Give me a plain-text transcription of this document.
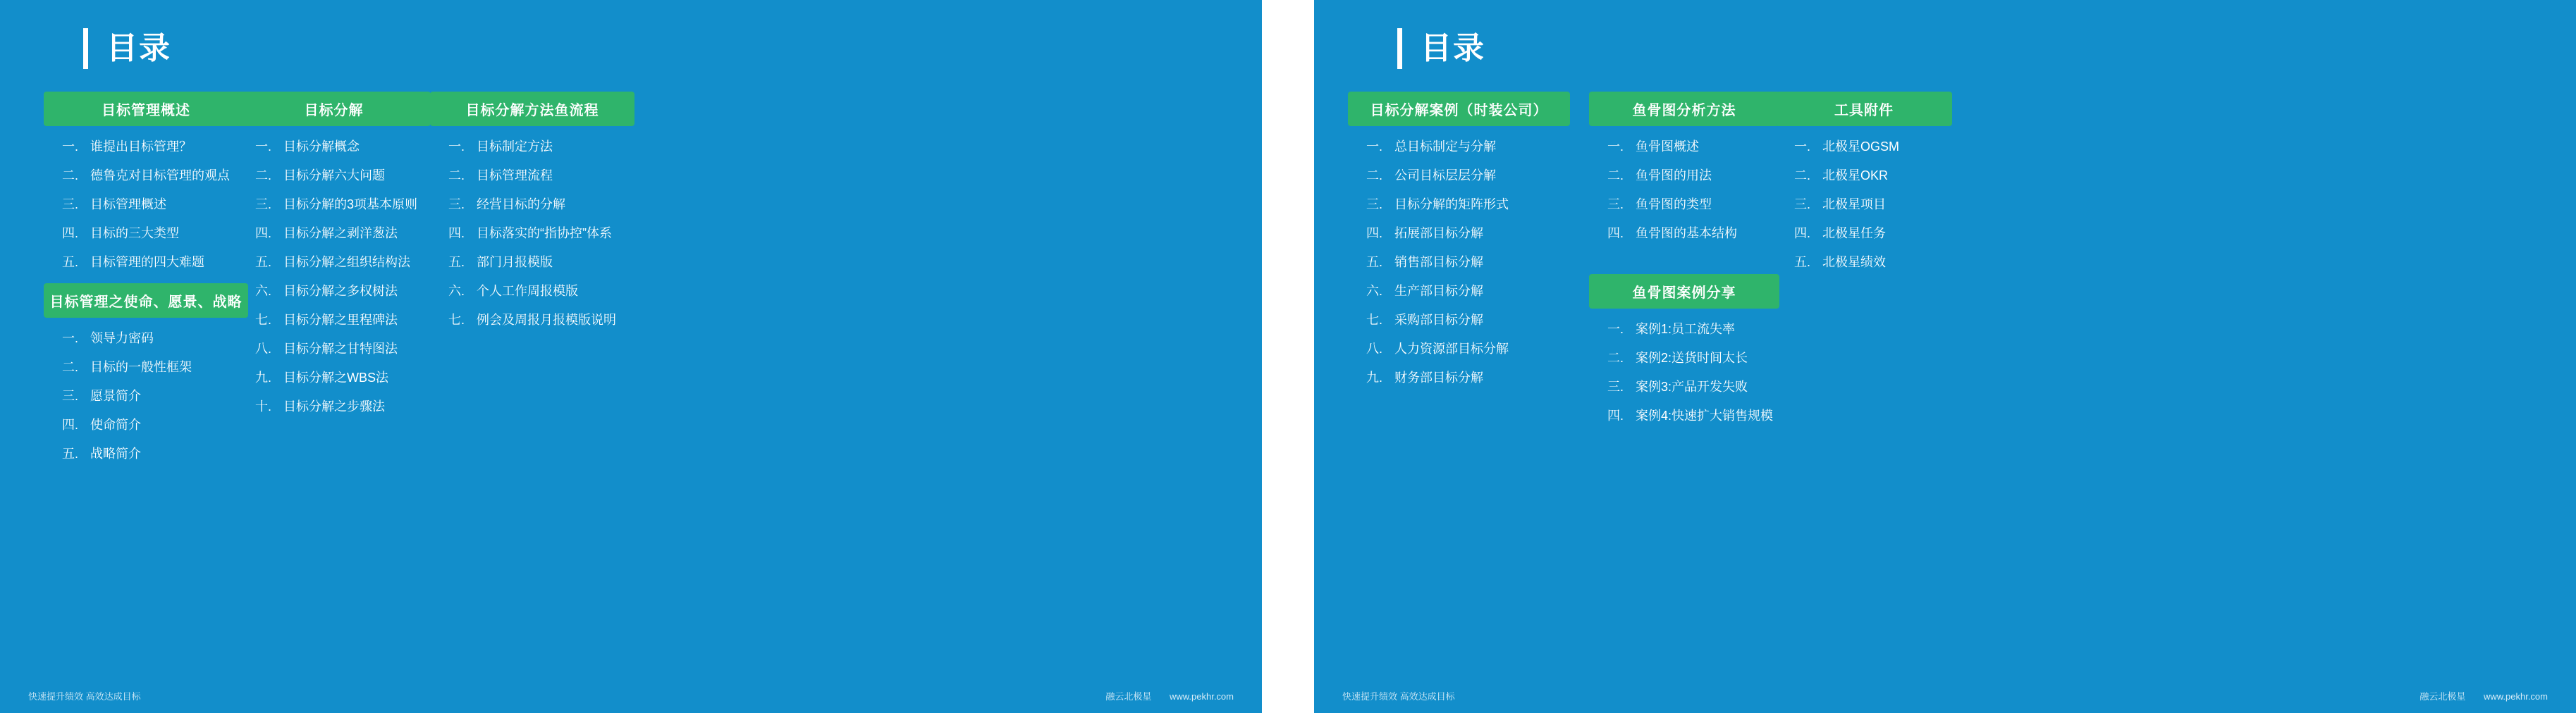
目录
目标管理概述
一. 谁提出目标管理？
二. 德鲁克对目标管理的观点
三. 目标管理概述
四. 目标的三大类型
五. 目标管理的四大难题
目标管理之使命、愿景、战略
一. 领导力密码
二. 目标的一般性框架
三. 愿景简介
四. 使命简介
五. 战略简介
目标分解
一. 目标分解概念
二. 目标分解六大问题
三. 目标分解的3项基本原则
四. 目标分解之剥洋葱法
五. 目标分解之组织结构法
六. 目标分解之多权树法
七. 目标分解之里程碑法
八. 目标分解之甘特图法
九. 目标分解之WBS法
十. 目标分解之步骤法
目标分解方法鱼流程
一. 目标制定方法
二. 目标管理流程
三. 经营目标的分解
四. 目标落实的“指协控”体系
五. 部门月报模版
六. 个人工作周报模版
七. 例会及周报月报模版说明
快速提升绩效 高效达成目标	融云北极星 www.pekhr.com
目录
目标分解案例（时装公司）
一. 总目标制定与分解
二. 公司目标层层分解
三. 目标分解的矩阵形式
四. 拓展部目标分解
五. 销售部目标分解
六. 生产部目标分解
七. 采购部目标分解
八. 人力资源部目标分解
九. 财务部目标分解
鱼骨图分析方法
一. 鱼骨图概述
二. 鱼骨图的用法
三. 鱼骨图的类型
四. 鱼骨图的基本结构
鱼骨图案例分享
一. 案例1:员工流失率
二. 案例2:送货时间太长
三. 案例3:产品开发失败
四. 案例4:快速扩大销售规模
工具附件
一. 北极星OGSM
二. 北极星OKR
三. 北极星项目
四. 北极星任务
五. 北极星绩效
快速提升绩效 高效达成目标	融云北极星 www.pekhr.com
